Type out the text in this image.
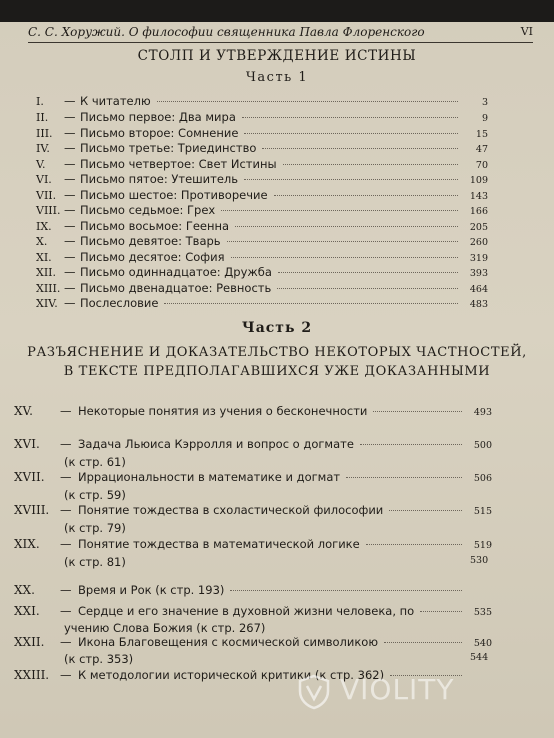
С. С. Хоружий. О философии священника Павла Флоренского	VI
СТОЛП И УТВЕРЖДЕНИЕ ИСТИНЫ
Часть 1
I.	— К читателю	3
II.	— Письмо первое: Два мира	9
III. — Письмо второе: Сомнение	15
IV.	— Письмо третье: Триединство	47
V.	— Письмо четвертое: Свет Истины	70
VI.	— Письмо пятое: Утешитель	109
VII. — Письмо шестое: Противоречие	143
VIII. — Письмо седьмое: Грех	166
IX.	— Письмо восьмое: Геенна	205
X.	— Письмо девятое: Тварь	260
XI.	— Письмо десятое: София	319
XII. — Письмо одиннадцатое: Дружба	393
XIII. — Письмо двенадцатое: Ревность	464
XIV. — Послесловие	483
Часть 2
РАЗЪЯСНЕНИЕ И ДОКАЗАТЕЛЬСТВО НЕКОТОРЫХ ЧАСТНОСТЕЙ,
В ТЕКСТЕ ПРЕДПОЛАГАВШИХСЯ УЖЕ ДОКАЗАННЫМИ
XV.	— Некоторые понятия из учения о бесконечности	493
XVI.	— Задача Льюиса Кэрролля и вопрос о догмате	500
(к стр. 61)
XVII.	— Иррациональности в математике и догмат	506
(к стр. 59)
XVIII. — Понятие тождества в схоластической философии	515
(к стр. 79)
XIX.	— Понятие тождества в математической логике	519
(к стр. 81)	530
XX.	— Время и Рок (к стр. 193)
XXI.	— Сердце и его значение в духовной жизни человека, по	535
учению Слова Божия (к стр. 267)
XXII.	— Икона Благовещения с космической символикою	540
(к стр. 353)	544
XXIII. — К методологии исторической критики (к стр. 362)
VIOLITY
